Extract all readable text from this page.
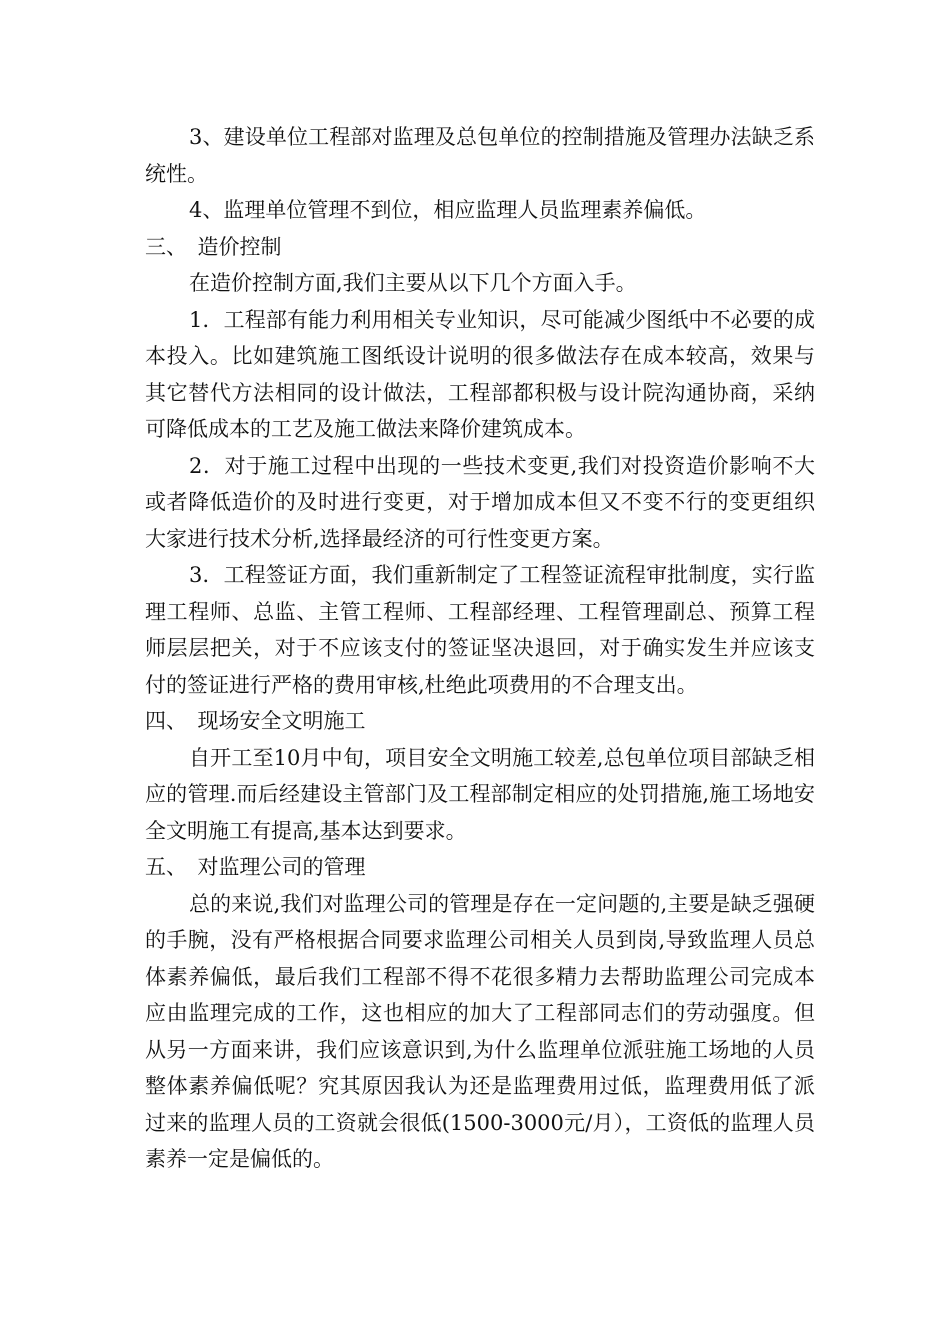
3、建设单位工程部对监理及总包单位的控制措施及管理办法缺乏系统性。

4、监理单位管理不到位，相应监理人员监理素养偏低。

三、　造价控制

在造价控制方面,我们主要从以下几个方面入手。

1．工程部有能力利用相关专业知识，尽可能减少图纸中不必要的成本投入。比如建筑施工图纸设计说明的很多做法存在成本较高，效果与其它替代方法相同的设计做法，工程部都积极与设计院沟通协商，采纳可降低成本的工艺及施工做法来降价建筑成本。

2．对于施工过程中出现的一些技术变更,我们对投资造价影响不大或者降低造价的及时进行变更，对于增加成本但又不变不行的变更组织大家进行技术分析,选择最经济的可行性变更方案。

3．工程签证方面，我们重新制定了工程签证流程审批制度，实行监理工程师、总监、主管工程师、工程部经理、工程管理副总、预算工程师层层把关，对于不应该支付的签证坚决退回，对于确实发生并应该支付的签证进行严格的费用审核,杜绝此项费用的不合理支出。

四、　现场安全文明施工

自开工至10月中旬，项目安全文明施工较差,总包单位项目部缺乏相应的管理.而后经建设主管部门及工程部制定相应的处罚措施,施工场地安全文明施工有提高,基本达到要求。

五、　对监理公司的管理

总的来说,我们对监理公司的管理是存在一定问题的,主要是缺乏强硬的手腕，没有严格根据合同要求监理公司相关人员到岗,导致监理人员总体素养偏低，最后我们工程部不得不花很多精力去帮助监理公司完成本应由监理完成的工作，这也相应的加大了工程部同志们的劳动强度。但从另一方面来讲，我们应该意识到,为什么监理单位派驻施工场地的人员整体素养偏低呢？究其原因我认为还是监理费用过低，监理费用低了派过来的监理人员的工资就会很低(1500-3000元/月），工资低的监理人员素养一定是偏低的。
